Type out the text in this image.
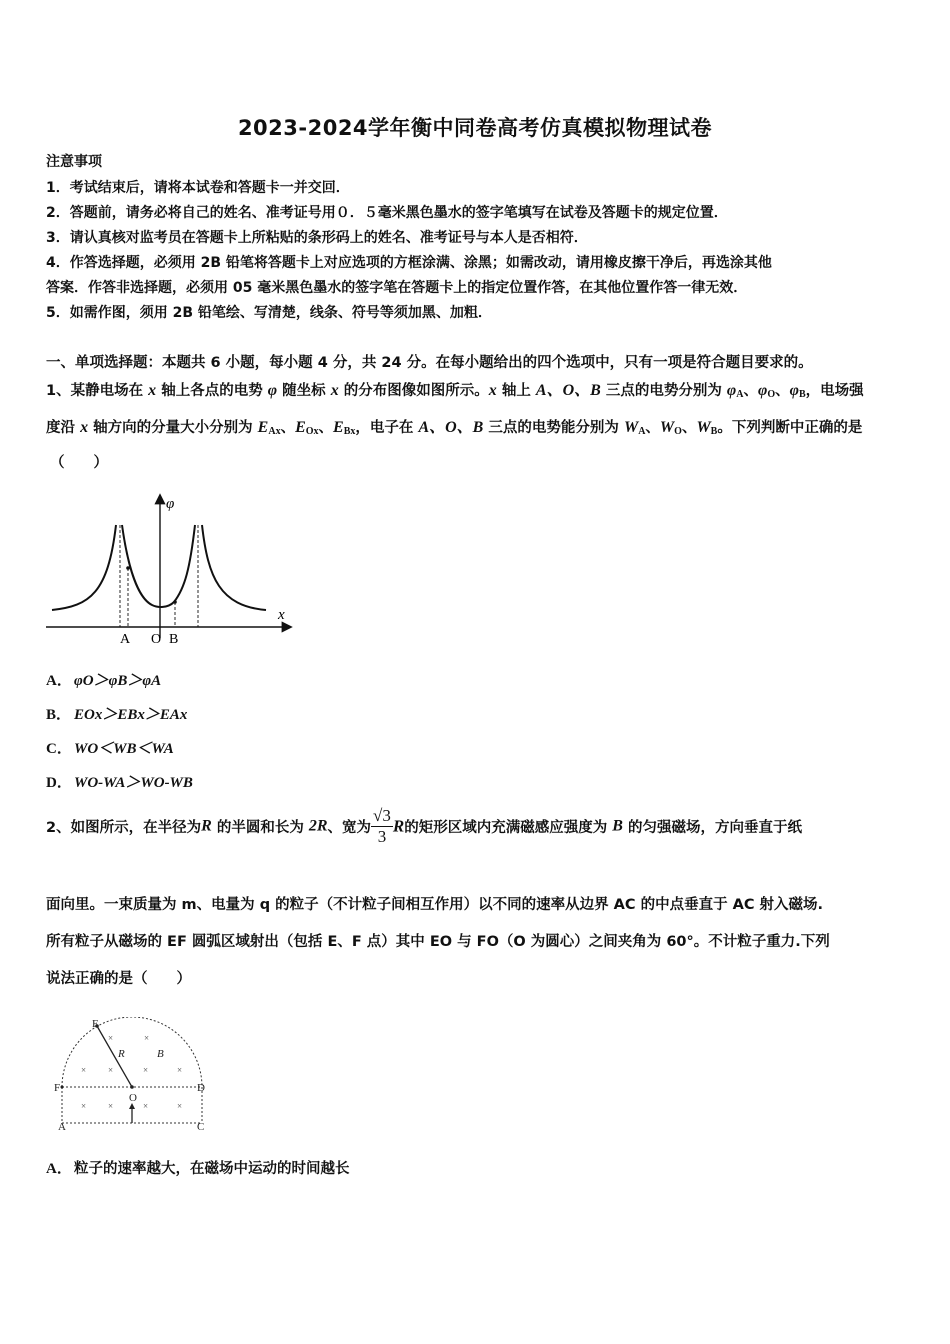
2023-2024学年衡中同卷高考仿真模拟物理试卷
注意事项
1．考试结束后，请将本试卷和答题卡一并交回．
2．答题前，请务必将自己的姓名、准考证号用０．５毫米黑色墨水的签字笔填写在试卷及答题卡的规定位置．
3．请认真核对监考员在答题卡上所粘贴的条形码上的姓名、准考证号与本人是否相符．
4．作答选择题，必须用 2B 铅笔将答题卡上对应选项的方框涂满、涂黑；如需改动，请用橡皮擦干净后，再选涂其他
答案．作答非选择题，必须用 05 毫米黑色墨水的签字笔在答题卡上的指定位置作答，在其他位置作答一律无效．
5．如需作图，须用 2B 铅笔绘、写清楚，线条、符号等须加黑、加粗．
一、单项选择题：本题共 6 小题，每小题 4 分，共 24 分。在每小题给出的四个选项中，只有一项是符合题目要求的。
1、某静电场在 x 轴上各点的电势 φ 随坐标 x 的分布图像如图所示。x 轴上 A、O、B 三点的电势分别为 $\varphi_A$、$\varphi_O$、$\varphi_B$，电场强
度沿 x 轴方向的分量大小分别为 $E_{Ax}$、$E_{Ox}$、$E_{Bx}$，电子在 A、O、B 三点的电势能分别为 $W_A$、$W_O$、$W_B$。下列判断中正确的是
（　　）
φ
x
A O B
A． φO＞φB＞φA
B． EOx＞EBx＞EAx
C． WO＜WB＜WA
D． WO-WA＞WO-WB
2、如图所示，在半径为R 的半圆和长为 2R、宽为 $\frac{√3}{3}$ R的矩形区域内充满磁感应强度为 B 的匀强磁场，方向垂直于纸
面向里。一束质量为 m、电量为 q 的粒子（不计粒子间相互作用）以不同的速率从边界 AC 的中点垂直于 AC 射入磁场.
所有粒子从磁场的 EF 圆弧区域射出（包括 E、F 点）其中 EO 与 FO（O 为圆心）之间夹角为 60°。不计粒子重力.下列
说法正确的是（　　）
×	×
× ×	×	×
× ×	×	×
E
F	D
O
A	C
R	B
A． 粒子的速率越大，在磁场中运动的时间越长
